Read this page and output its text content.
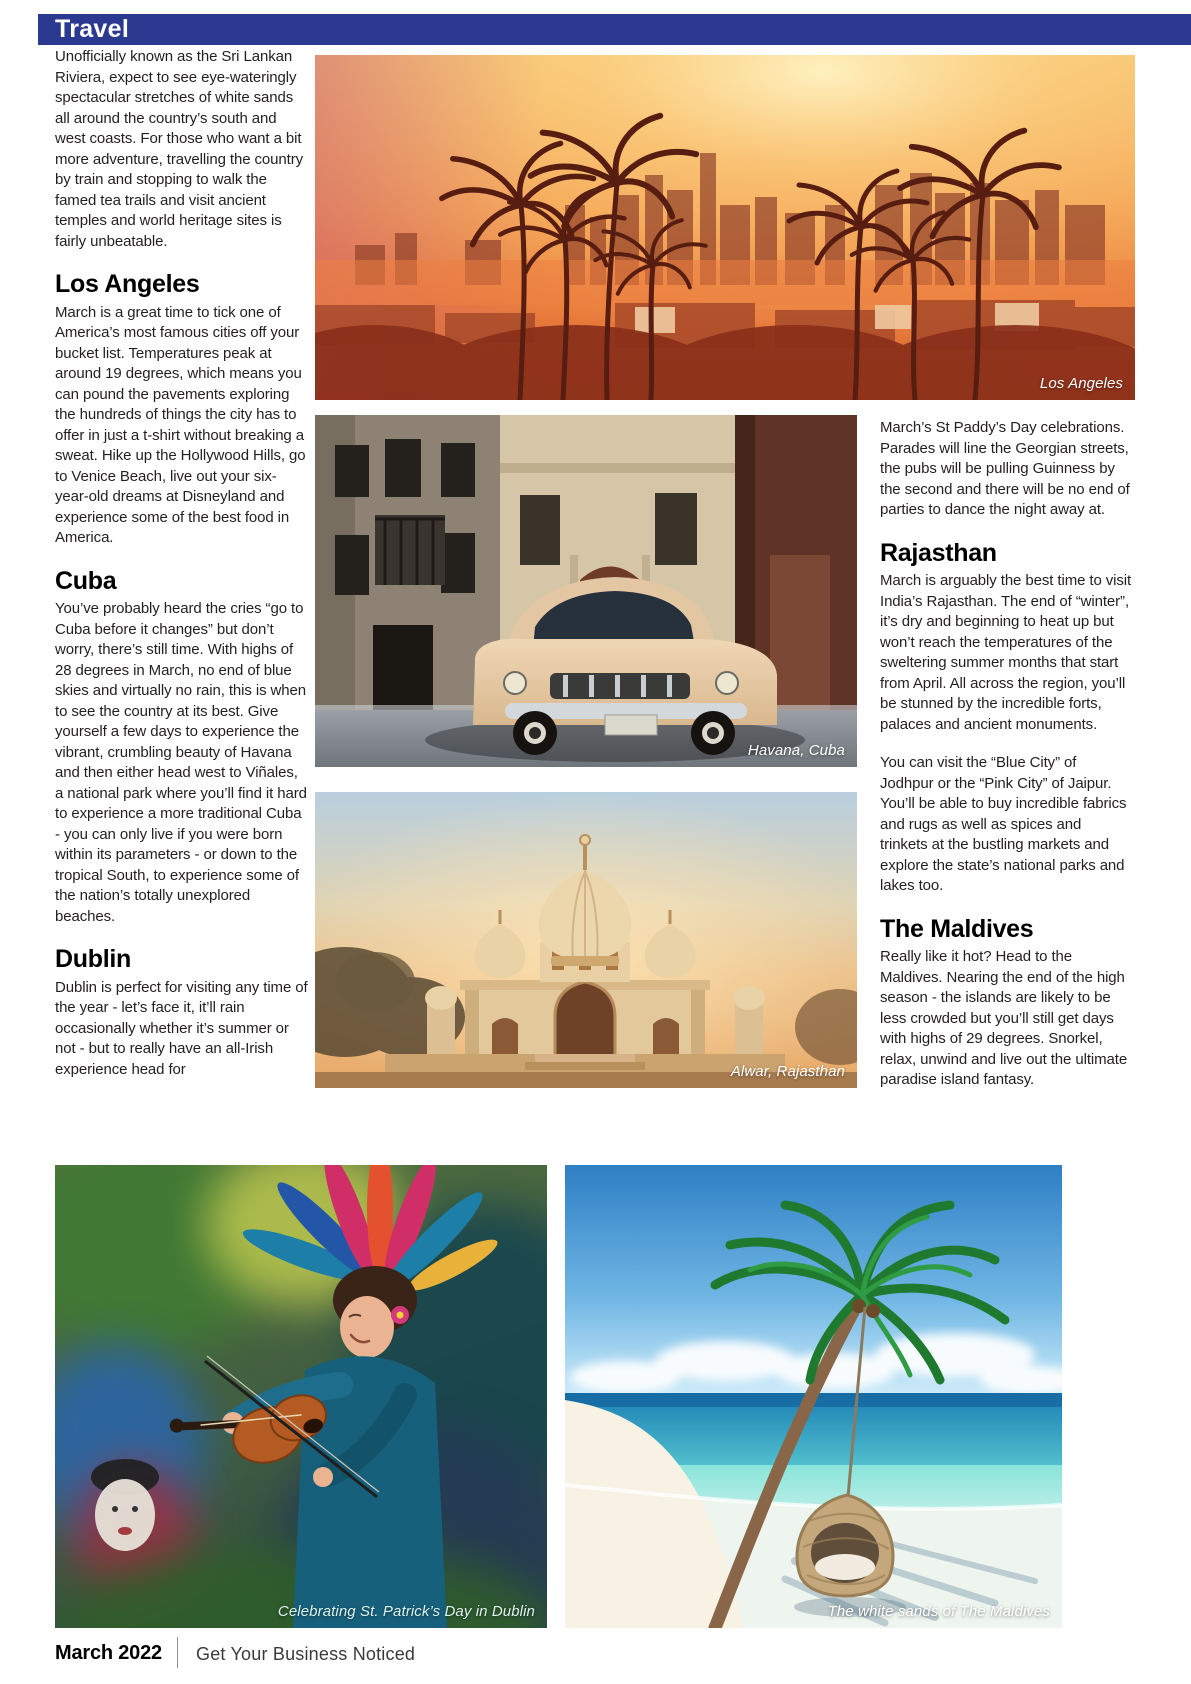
Travel

Unofficially known as the Sri Lankan Riviera, expect to see eye-wateringly spectacular stretches of white sands all around the country’s south and west coasts. For those who want a bit more adventure, travelling the country by train and stopping to walk the famed tea trails and visit ancient temples and world heritage sites is fairly unbeatable.

Los Angeles

March is a great time to tick one of America’s most famous cities off your bucket list. Temperatures peak at around 19 degrees, which means you can pound the pavements exploring the hundreds of things the city has to offer in just a t-shirt without breaking a sweat. Hike up the Hollywood Hills, go to Venice Beach, live out your six-year-old dreams at Disneyland and experience some of the best food in America.

Cuba

You’ve probably heard the cries “go to Cuba before it changes” but don’t worry, there’s still time. With highs of 28 degrees in March, no end of blue skies and virtually no rain, this is when to see the country at its best. Give yourself a few days to experience the vibrant, crumbling beauty of Havana and then either head west to Viñales, a national park where you’ll find it hard to experience a more traditional Cuba - you can only live if you were born within its parameters - or down to the tropical South, to experience some of the nation’s totally unexplored beaches.

Dublin

Dublin is perfect for visiting any time of the year - let’s face it, it’ll rain occasionally whether it’s summer or not - but to really have an all-Irish experience head for

March’s St Paddy’s Day celebrations. Parades will line the Georgian streets, the pubs will be pulling Guinness by the second and there will be no end of parties to dance the night away at.

Rajasthan

March is arguably the best time to visit India’s Rajasthan. The end of “winter”, it’s dry and beginning to heat up but won’t reach the temperatures of the sweltering summer months that start from April. All across the region, you’ll be stunned by the incredible forts, palaces and ancient monuments.

You can visit the “Blue City” of Jodhpur or the “Pink City” of Jaipur. You’ll be able to buy incredible fabrics and rugs as well as spices and trinkets at the bustling markets and explore the state’s national parks and lakes too.

The Maldives

Really like it hot? Head to the Maldives. Nearing the end of the high season - the islands are likely to be less crowded but you’ll still get days with highs of 29 degrees. Snorkel, relax, unwind and live out the ultimate paradise island fantasy.

Los Angeles
Havana, Cuba
Alwar, Rajasthan
Celebrating St. Patrick’s Day in Dublin	The white sands of The Maldives
March 2022 Get Your Business Noticed
